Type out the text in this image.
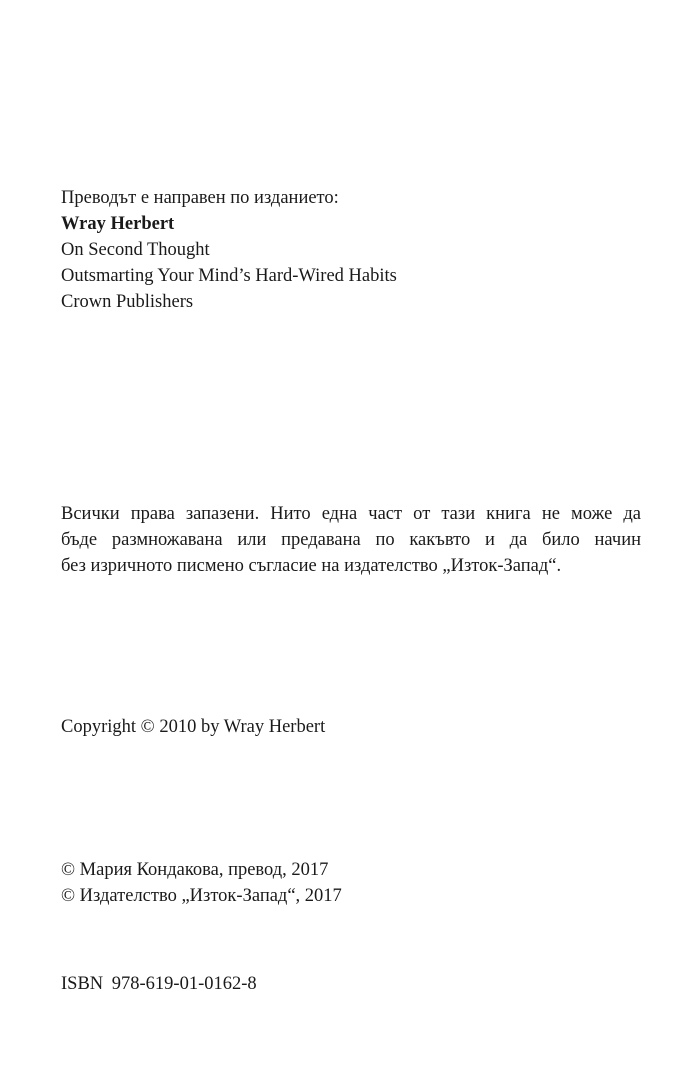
Преводът е направен по изданието:
Wray Herbert
On Second Thought
Outsmarting Your Mind’s Hard-Wired Habits
Crown Publishers
Всички права запазени. Нито една част от тази книга не може да
бъде размножавана или предавана по какъвто и да било начин
без изричното писмено съгласие на издателство „Изток-Запад“.
Copyright © 2010 by Wray Herbert
© Мария Кондакова, превод, 2017
© Издателство „Изток-Запад“, 2017
ISBN 978-619-01-0162-8
